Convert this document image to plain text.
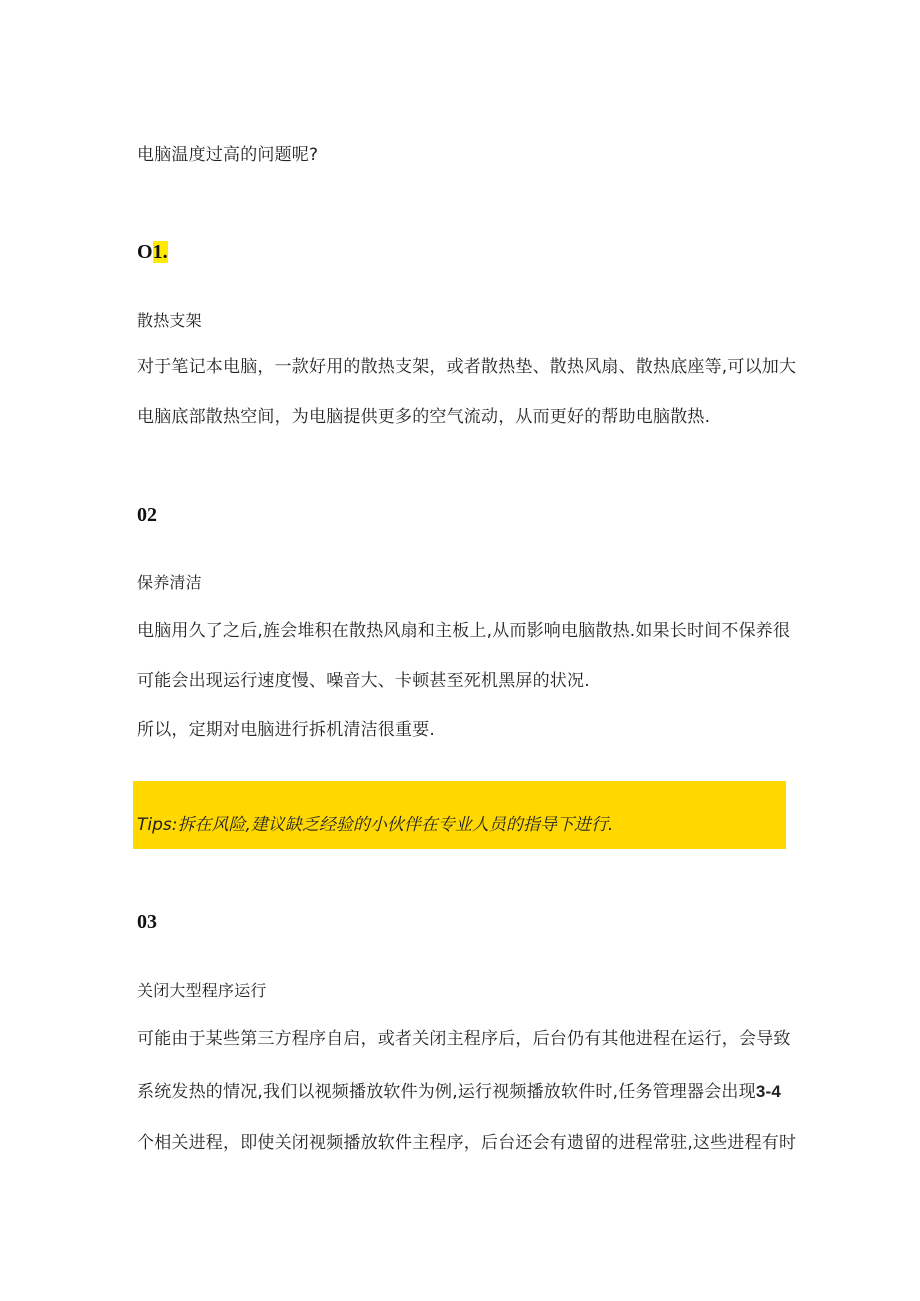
电脑温度过高的问题呢?
O1.
散热支架
对于笔记本电脑，一款好用的散热支架，或者散热垫、散热风扇、散热底座等,可以加大
电脑底部散热空间，为电脑提供更多的空气流动，从而更好的帮助电脑散热.
02
保养清洁
电脑用久了之后,旌会堆积在散热风扇和主板上,从而影响电脑散热.如果长时间不保养很
可能会出现运行速度慢、噪音大、卡顿甚至死机黑屏的状况.
所以，定期对电脑进行拆机清洁很重要.
Tips:拆在风险,建议缺乏经验的小伙伴在专业人员的指导下进行.
03
关闭大型程序运行
可能由于某些第三方程序自启，或者关闭主程序后，后台仍有其他进程在运行，会导致
系统发热的情况,我们以视频播放软件为例,运行视频播放软件时,任务管理器会出现3-4
个相关进程，即使关闭视频播放软件主程序，后台还会有遗留的进程常驻,这些进程有时
